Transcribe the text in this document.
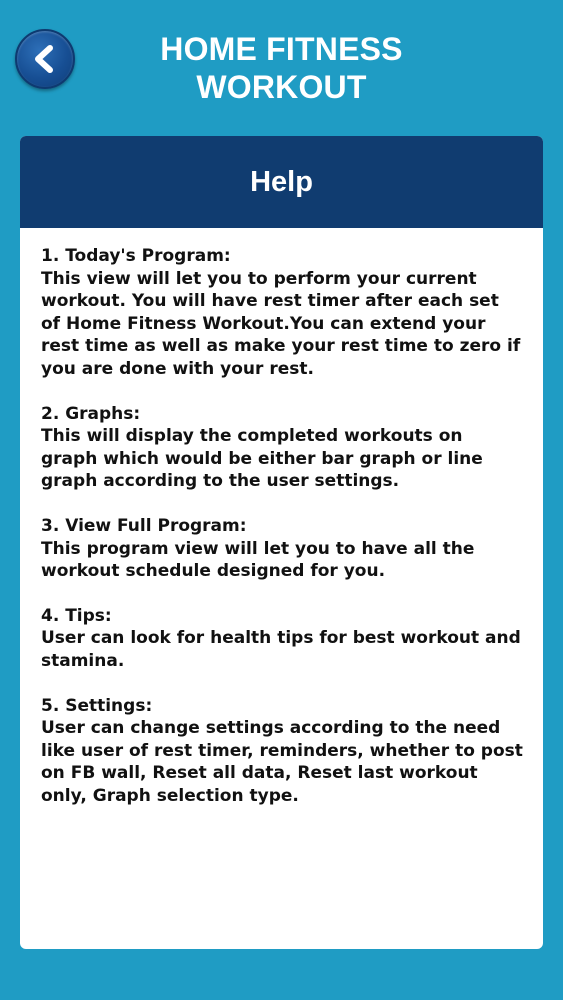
HOME FITNESS WORKOUT
Help

1. Today's Program:

This view will let you to perform your current workout. You will have rest timer after each set of Home Fitness Workout.You can extend your rest time as well as make your rest time to zero if you are done with your rest.

2. Graphs:

This will display the completed workouts on graph which would be either bar graph or line graph according to the user settings.

3. View Full Program:

This program view will let you to have all the workout schedule designed for you.

4. Tips:

User can look for health tips for best workout and stamina.

5. Settings:

User can change settings according to the need like user of rest timer, reminders, whether to post on FB wall, Reset all data, Reset last workout only, Graph selection type.
